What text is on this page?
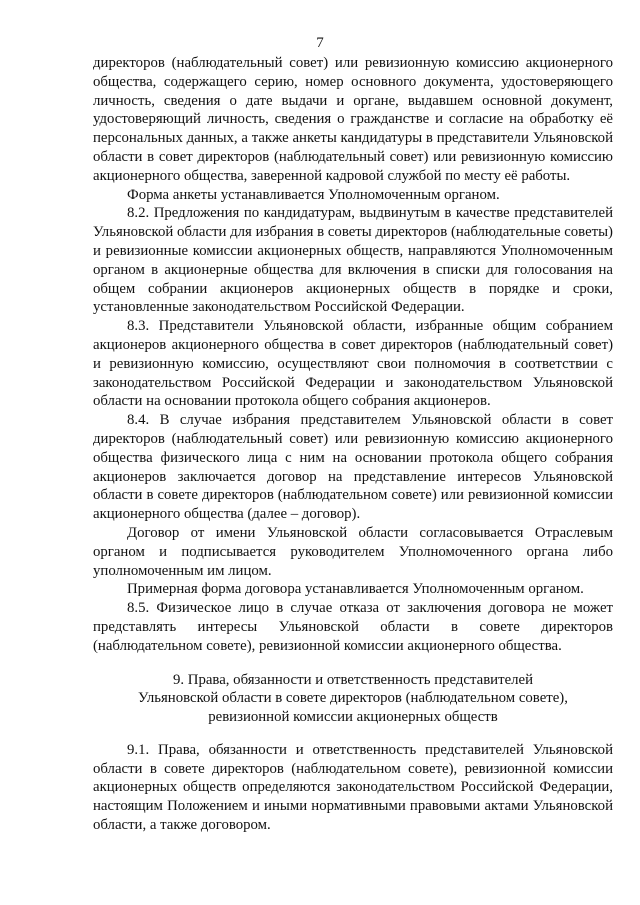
7

директоров (наблюдательный совет) или ревизионную комиссию акционерного общества, содержащего серию, номер основного документа, удостоверяющего личность, сведения о дате выдачи и органе, выдавшем основной документ, удостоверяющий личность, сведения о гражданстве и согласие на обработку её персональных данных, а также анкеты кандидатуры в представители Ульяновской области в совет директоров (наблюдательный совет) или ревизионную комиссию акционерного общества, заверенной кадровой службой по месту её работы.

Форма анкеты устанавливается Уполномоченным органом.

8.2. Предложения по кандидатурам, выдвинутым в качестве представителей Ульяновской области для избрания в советы директоров (наблюдательные советы) и ревизионные комиссии акционерных обществ, направляются Уполномоченным органом в акционерные общества для включения в списки для голосования на общем собрании акционеров акционерных обществ в порядке и сроки, установленные законодательством Российской Федерации.

8.3. Представители Ульяновской области, избранные общим собранием акционеров акционерного общества в совет директоров (наблюдательный совет) и ревизионную комиссию, осуществляют свои полномочия в соответствии с законодательством Российской Федерации и законодательством Ульяновской области на основании протокола общего собрания акционеров.

8.4. В случае избрания представителем Ульяновской области в совет директоров (наблюдательный совет) или ревизионную комиссию акционерного общества физического лица с ним на основании протокола общего собрания акционеров заключается договор на представление интересов Ульяновской области в совете директоров (наблюдательном совете) или ревизионной комиссии акционерного общества (далее – договор).

Договор от имени Ульяновской области согласовывается Отраслевым органом и подписывается руководителем Уполномоченного органа либо уполномоченным им лицом.

Примерная форма договора устанавливается Уполномоченным органом.

8.5. Физическое лицо в случае отказа от заключения договора не может представлять интересы Ульяновской области в совете директоров (наблюдательном совете), ревизионной комиссии акционерного общества.

9. Права, обязанности и ответственность представителей
Ульяновской области в совете директоров (наблюдательном совете),
ревизионной комиссии акционерных обществ

9.1. Права, обязанности и ответственность представителей Ульяновской области в совете директоров (наблюдательном совете), ревизионной комиссии акционерных обществ определяются законодательством Российской Федерации, настоящим Положением и иными нормативными правовыми актами Ульяновской области, а также договором.
